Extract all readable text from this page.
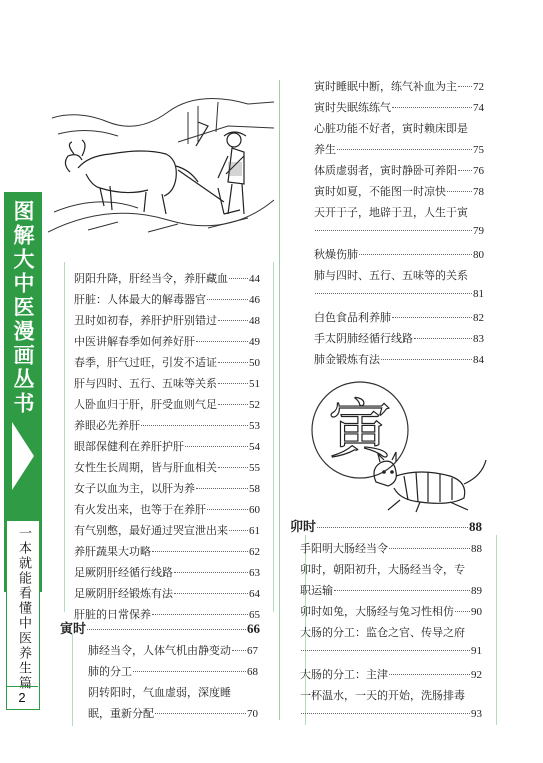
图解大中医漫画丛书
一本就能看懂中医养生篇
2
阴阳升降，肝经当令，养肝藏血 44
肝脏：人体最大的解毒器官	46
丑时如初春，养肝护肝别错过	48
中医讲解春季如何养好肝	49
春季，肝气过旺，引发不适证	50
肝与四时、五行、五味等关系	51
人卧血归于肝，肝受血则气足	52
养眼必先养肝	53
眼部保健利在养肝护肝	54
女性生长周期，皆与肝血相关	55
女子以血为主，以肝为养	58
有火发出来，也等于在养肝	60
有气别憋，最好通过哭宣泄出来 61
养肝蔬果大功略	62
足厥阴肝经循行线路	63
足厥阴肝经锻炼有法	64
肝脏的日常保养	65
寅时	66
肺经当令，人体气机由静变动 67
肺的分工	68
阴转阳时，气血虚弱，深度睡
眠，重新分配	70
寅时睡眠中断，练气补血为主 72
寅时失眠练练气	74
心脏功能不好者，寅时赖床即是
养生	75
体质虚弱者，寅时静卧可养阳 76
寅时如夏，不能图一时凉快 78
天开于子，地辟于丑，人生于寅
79
秋燥伤肺	80
肺与四时、五行、五味等的关系
81
白色食品利养肺	82
手太阴肺经循行线路	83
肺金锻炼有法	84
卯时	88
手阳明大肠经当令	88
卯时，朝阳初升，大肠经当令，专
职运输	89
卯时如兔，大肠经与兔习性相仿 90
大肠的分工：监仓之官、传导之府
91
大肠的分工：主津	92
一杯温水，一天的开始，洗肠排毒
93
寅
